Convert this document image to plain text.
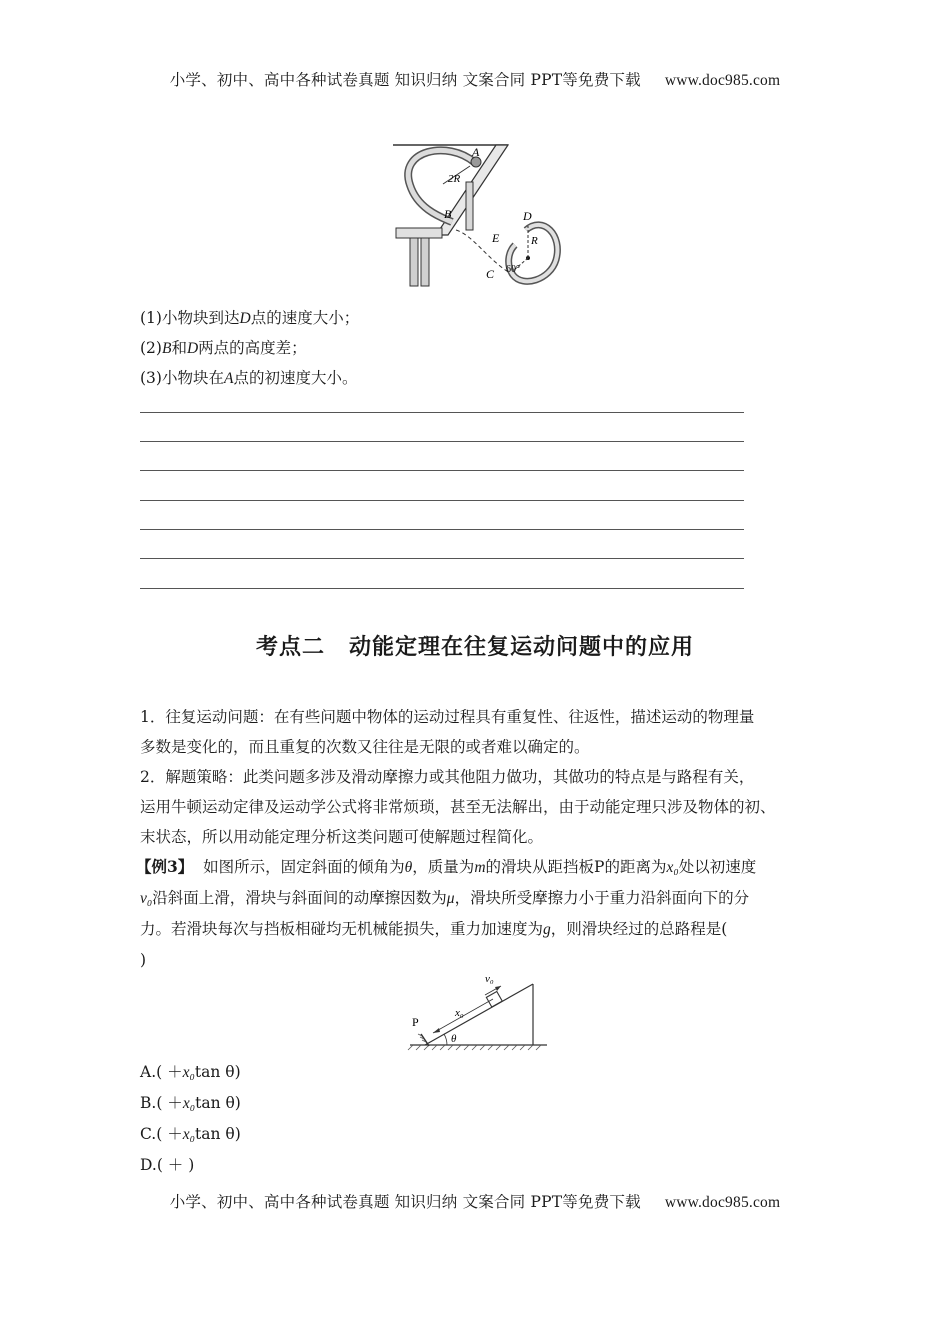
小学、初中、高中各种试卷真题 知识归纳 文案合同 PPT等免费下载 www.doc985.com
A
2R
B	D
E	R
C 60°
(1)小物块到达D点的速度大小；
(2)B和D两点的高度差；
(3)小物块在A点的初速度大小。
考点二 动能定理在往复运动问题中的应用
1．往复运动问题：在有些问题中物体的运动过程具有重复性、往返性，描述运动的物理量
多数是变化的，而且重复的次数又往往是无限的或者难以确定的。
2．解题策略：此类问题多涉及滑动摩擦力或其他阻力做功，其做功的特点是与路程有关，
运用牛顿运动定律及运动学公式将非常烦琐，甚至无法解出，由于动能定理只涉及物体的初、
末状态，所以用动能定理分析这类问题可使解题过程简化。
【例3】 如图所示，固定斜面的倾角为θ，质量为m的滑块从距挡板P的距离为x₀处以初速度
v₀沿斜面上滑，滑块与斜面间的动摩擦因数为μ，滑块所受摩擦力小于重力沿斜面向下的分
力。若滑块每次与挡板相碰均无机械能损失，重力加速度为g，则滑块经过的总路程是(
)
P
x₀
v₀
θ
A.( ＋x₀tan θ)
B.( ＋x₀tan θ)
C.( ＋x₀tan θ)
D.( ＋ )
小学、初中、高中各种试卷真题 知识归纳 文案合同 PPT等免费下载 www.doc985.com
